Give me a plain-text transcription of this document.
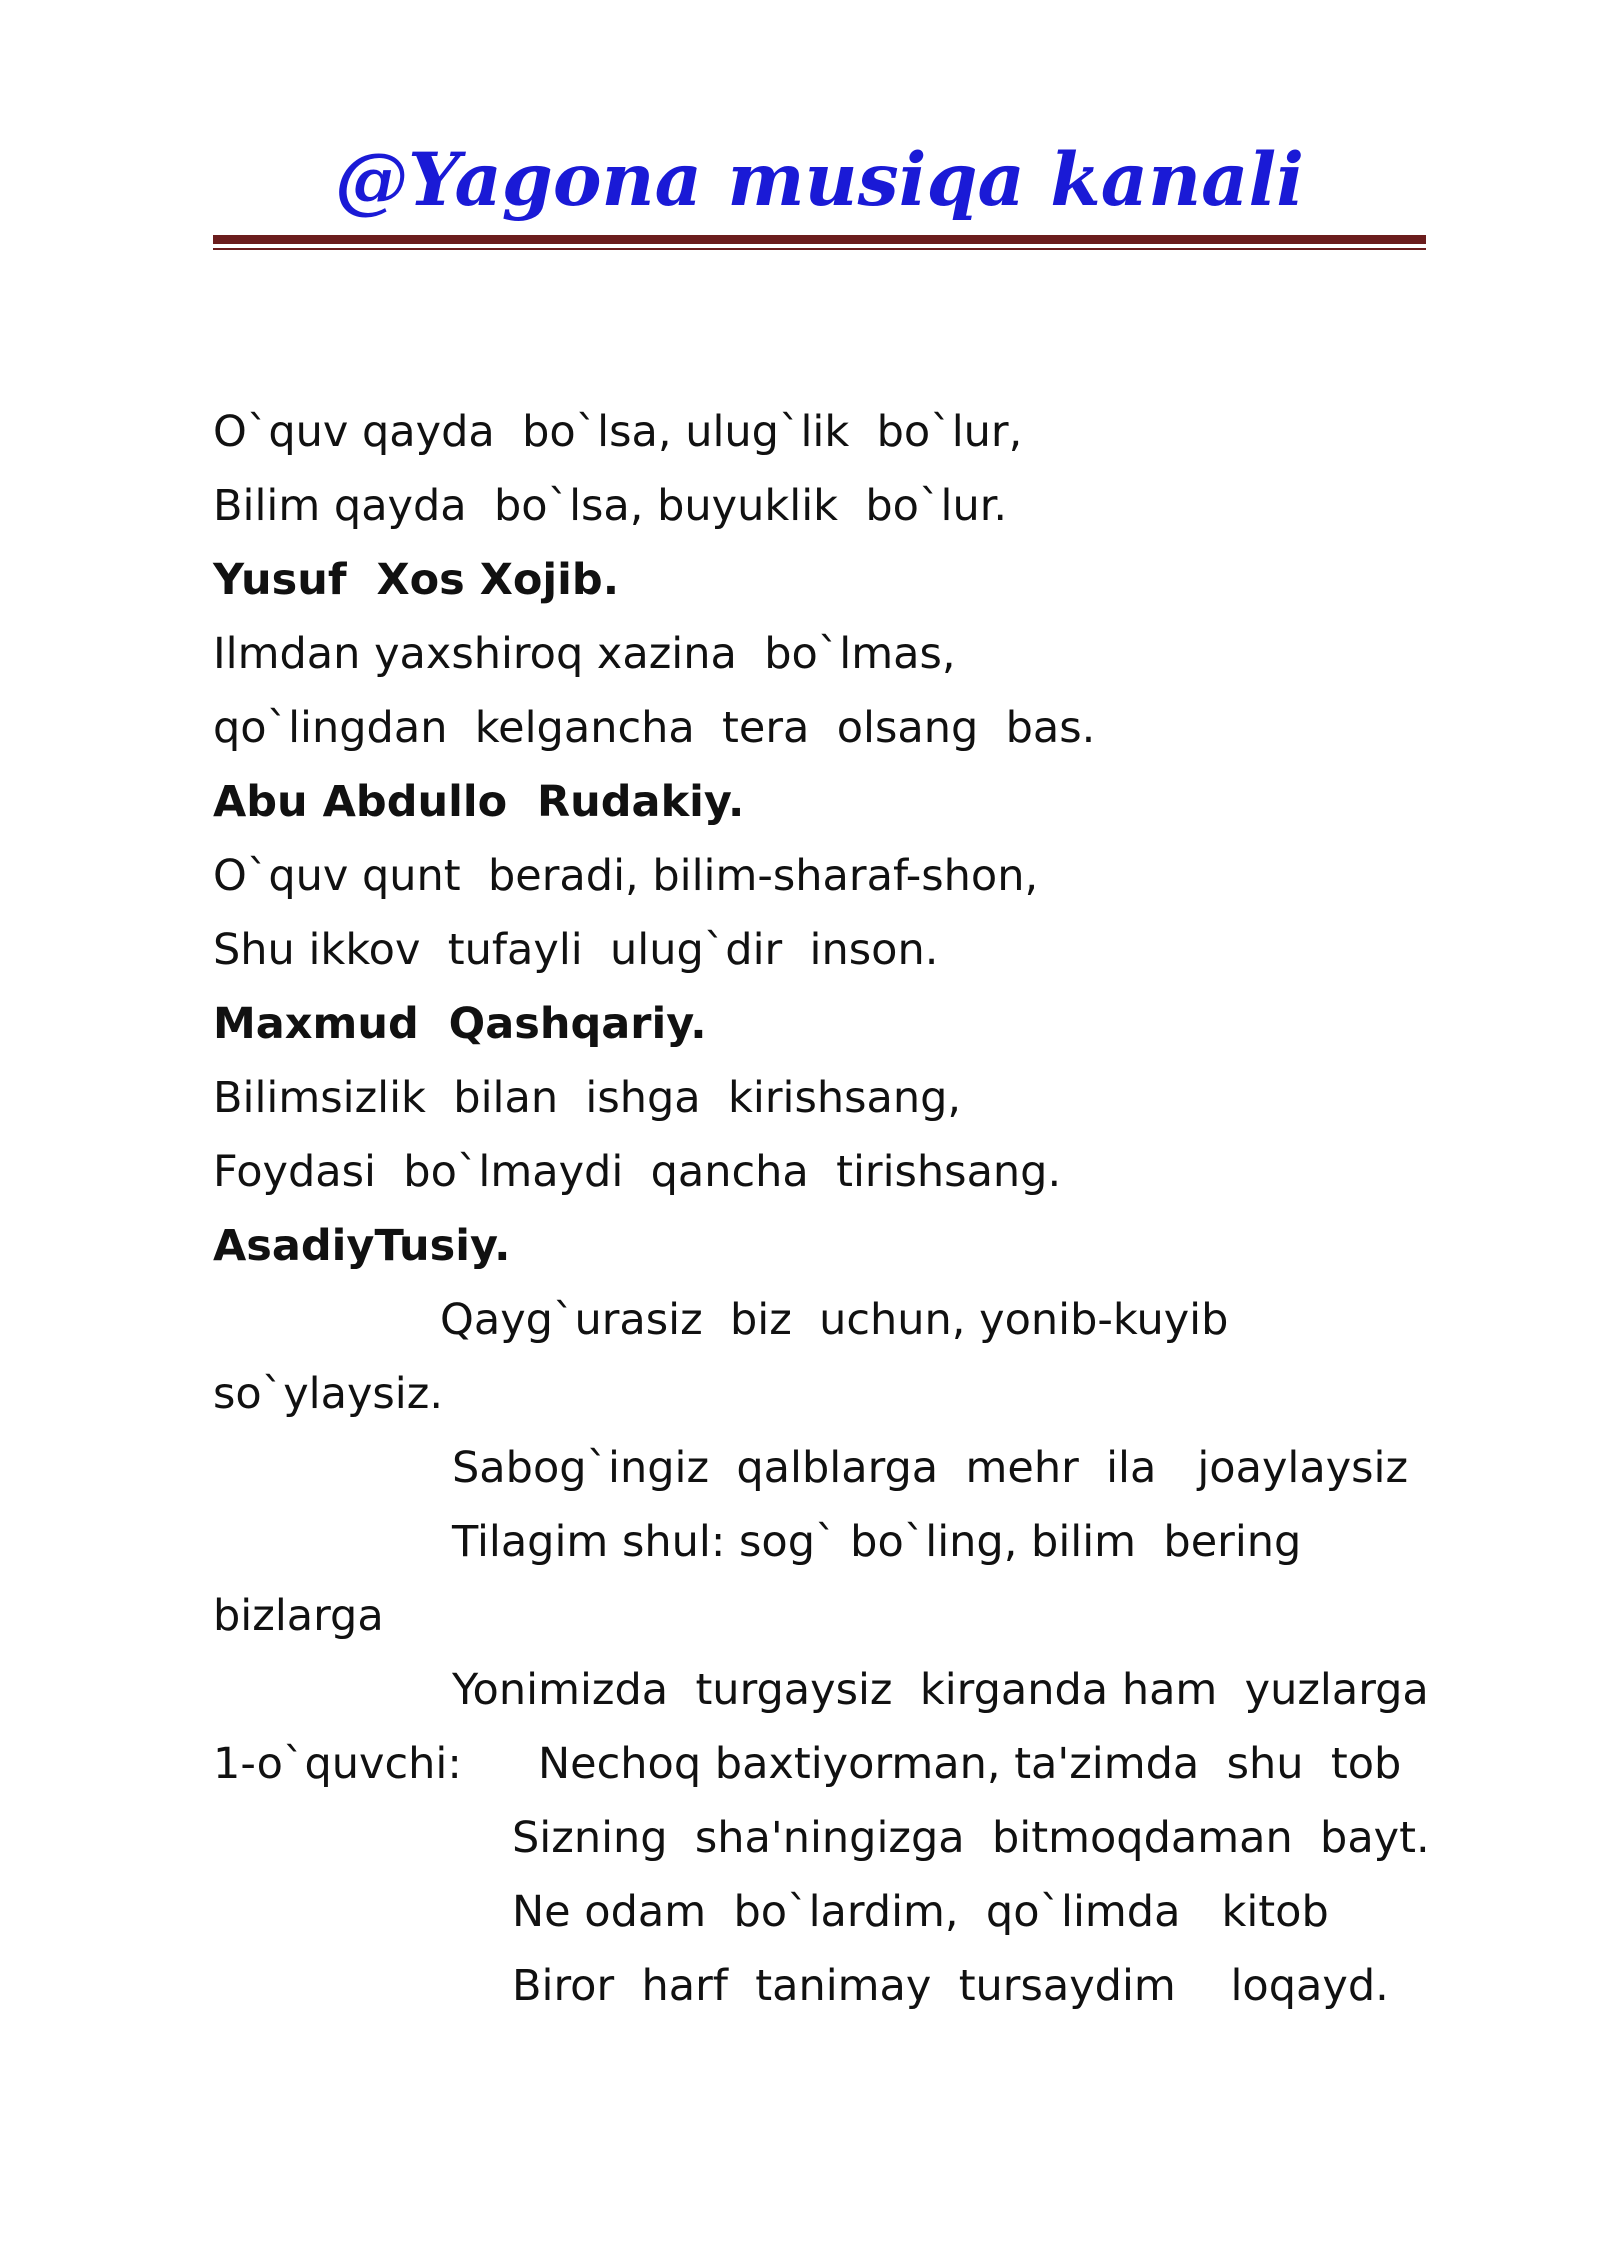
@Yagona musiqa kanali
O`quv qayda  bo`lsa, ulug`lik  bo`lur,
Bilim qayda  bo`lsa, buyuklik  bo`lur.
Yusuf  Xos Xojib.
Ilmdan yaxshiroq xazina  bo`lmas,
qo`lingdan  kelgancha  tera  olsang  bas.
Abu Abdullo  Rudakiy.
O`quv qunt  beradi, bilim-sharaf-shon,
Shu ikkov  tufayli  ulug`dir  inson.
Maxmud  Qashqariy.
Bilimsizlik  bilan  ishga  kirishsang,
Foydasi  bo`lmaydi  qancha  tirishsang.
AsadiyTusiy.
Qayg`urasiz  biz  uchun, yonib-kuyib
so`ylaysiz.
Sabog`ingiz  qalblarga  mehr  ila   joaylaysiz
Tilagim shul: sog` bo`ling, bilim  bering
bizlarga
Yonimizda  turgaysiz  kirganda ham  yuzlarga
1-o`quvchi: Nechoq baxtiyorman, ta'zimda  shu  tob
Sizning  sha'ningizga  bitmoqdaman  bayt.
Ne odam  bo`lardim,  qo`limda   kitob
Biror  harf  tanimay  tursaydim    loqayd.
